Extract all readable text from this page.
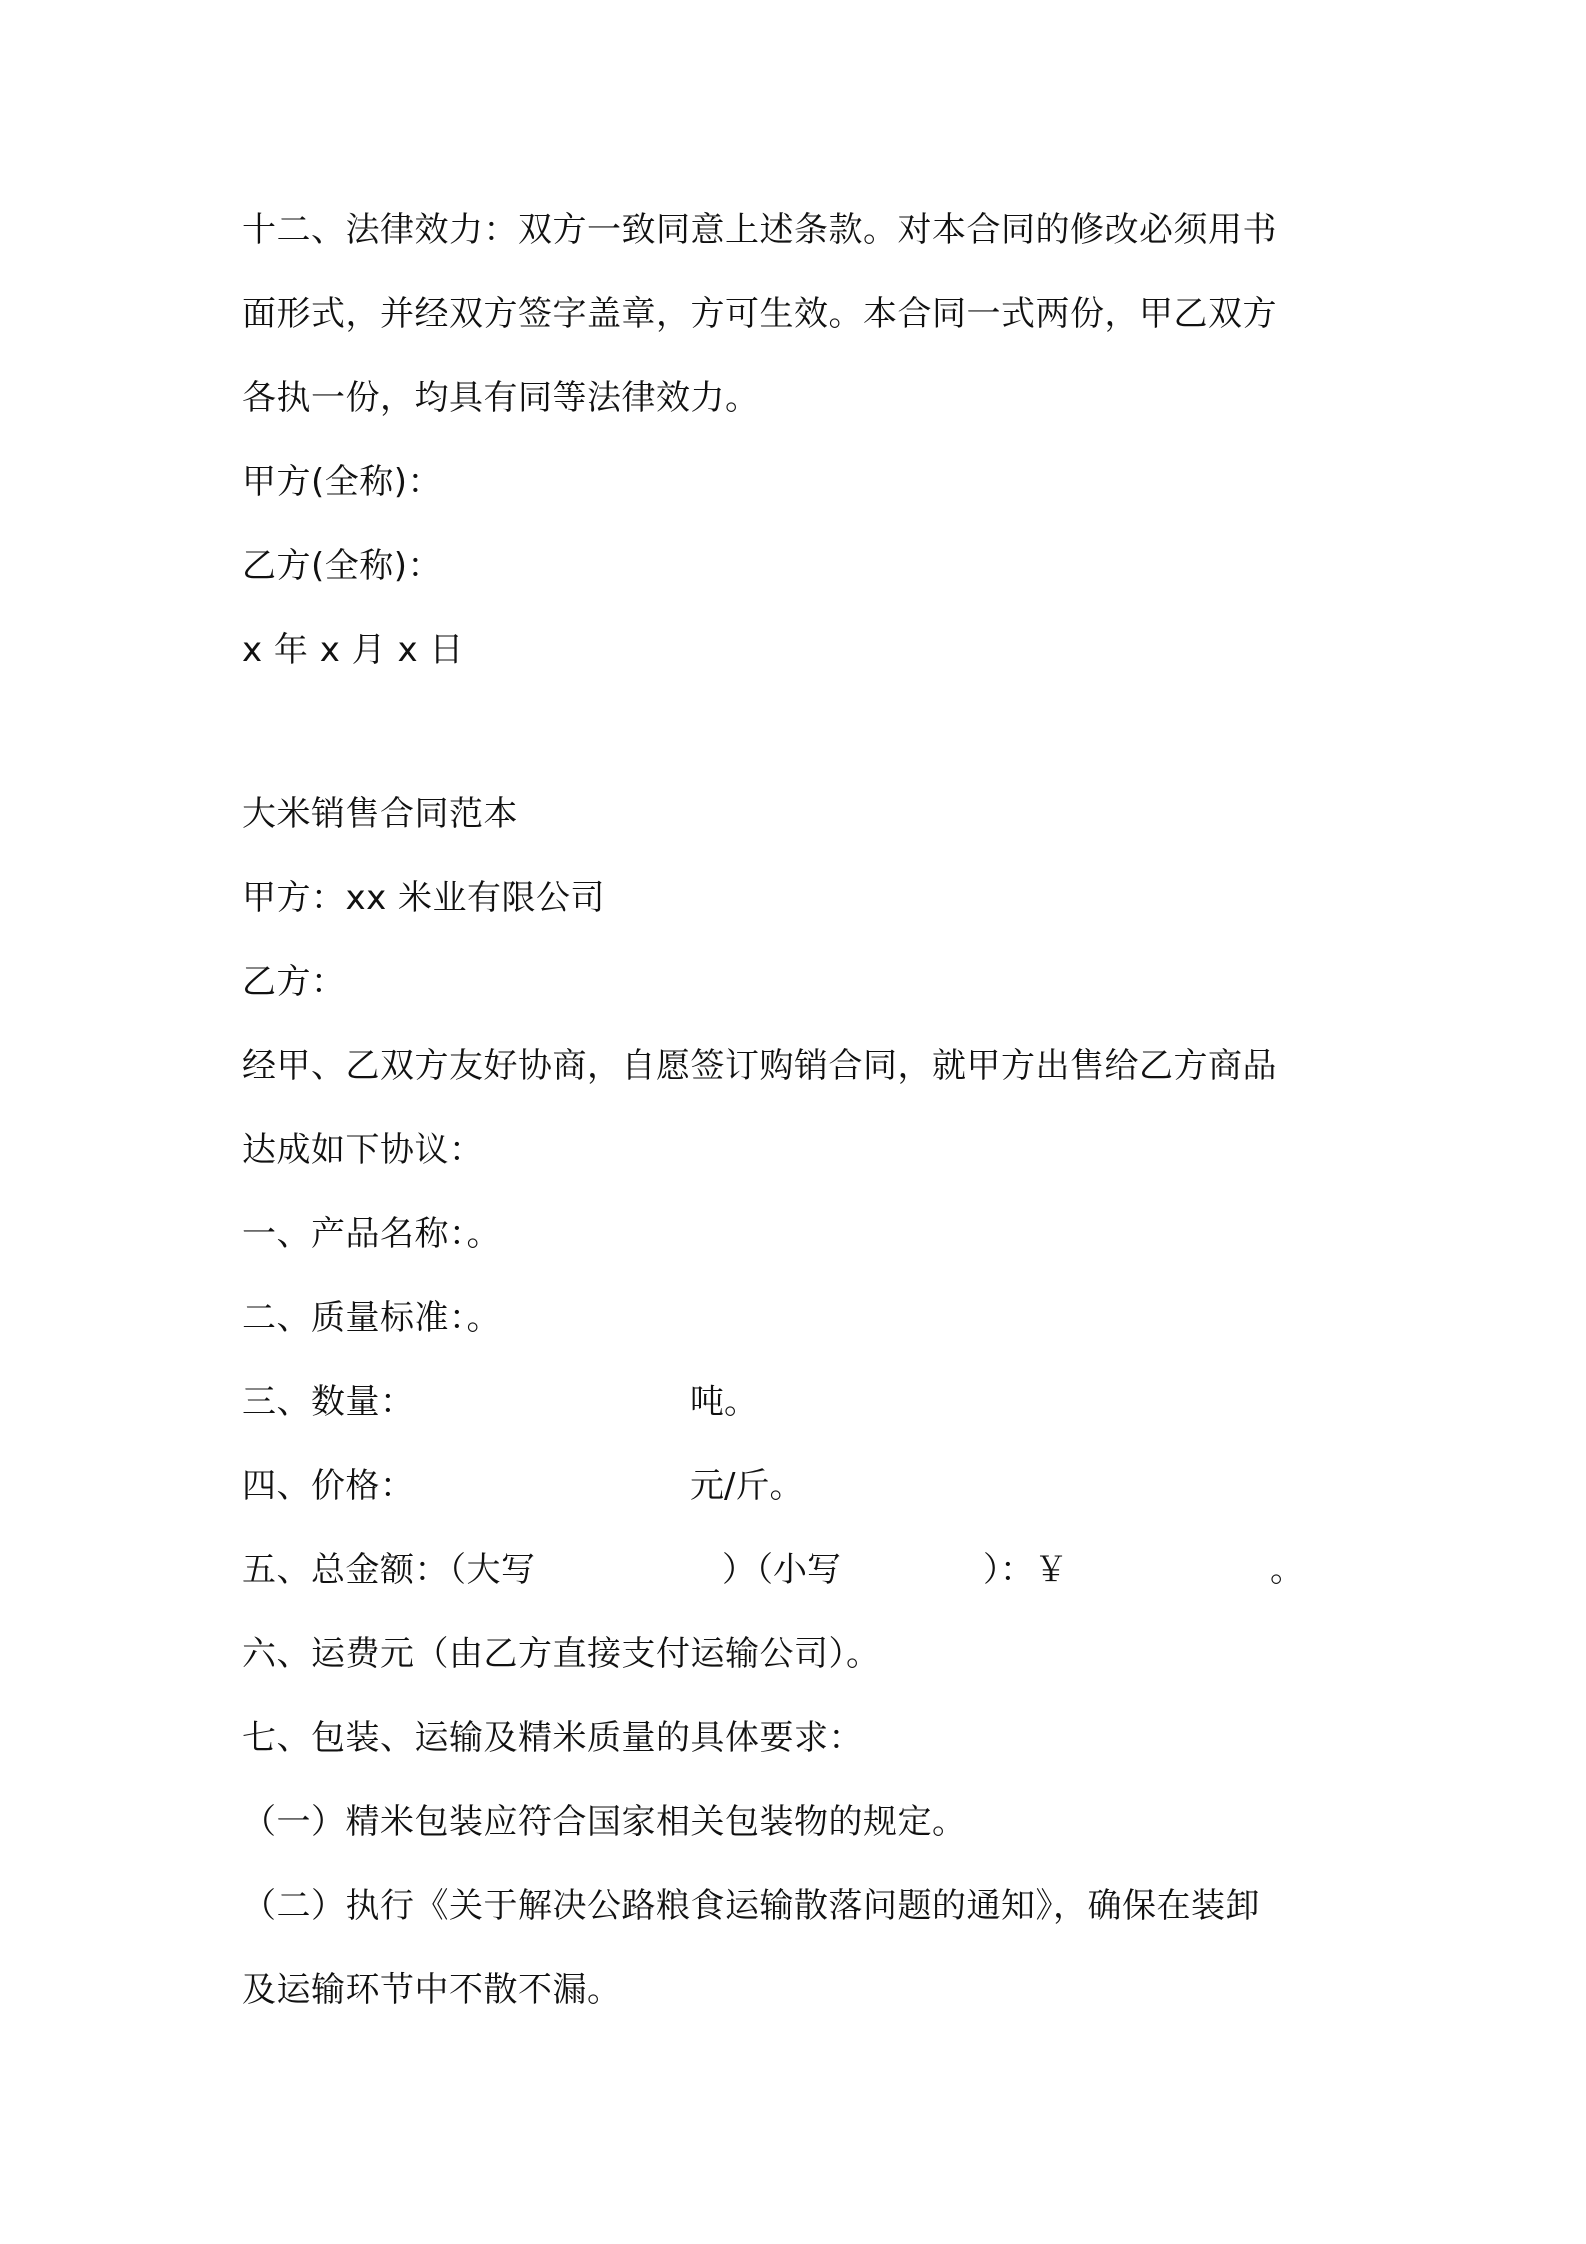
十二、法律效力：双方一致同意上述条款。对本合同的修改必须用书

面形式，并经双方签字盖章，方可生效。本合同一式两份，甲乙双方

各执一份，均具有同等法律效力。

甲方(全称)：

乙方(全称)：

x 年 x 月 x 日

大米销售合同范本

甲方：xx 米业有限公司

乙方：

经甲、乙双方友好协商，自愿签订购销合同，就甲方出售给乙方商品

达成如下协议：

一、产品名称：。

二、质量标准：。

三、数量：	吨。

四、价格：	元/斤。

五、总金额：（大写	）（小写	）：￥	。

六、运费元（由乙方直接支付运输公司）。

七、包装、运输及精米质量的具体要求：

（一）精米包装应符合国家相关包装物的规定。

（二）执行《关于解决公路粮食运输散落问题的通知》，确保在装卸

及运输环节中不散不漏。
